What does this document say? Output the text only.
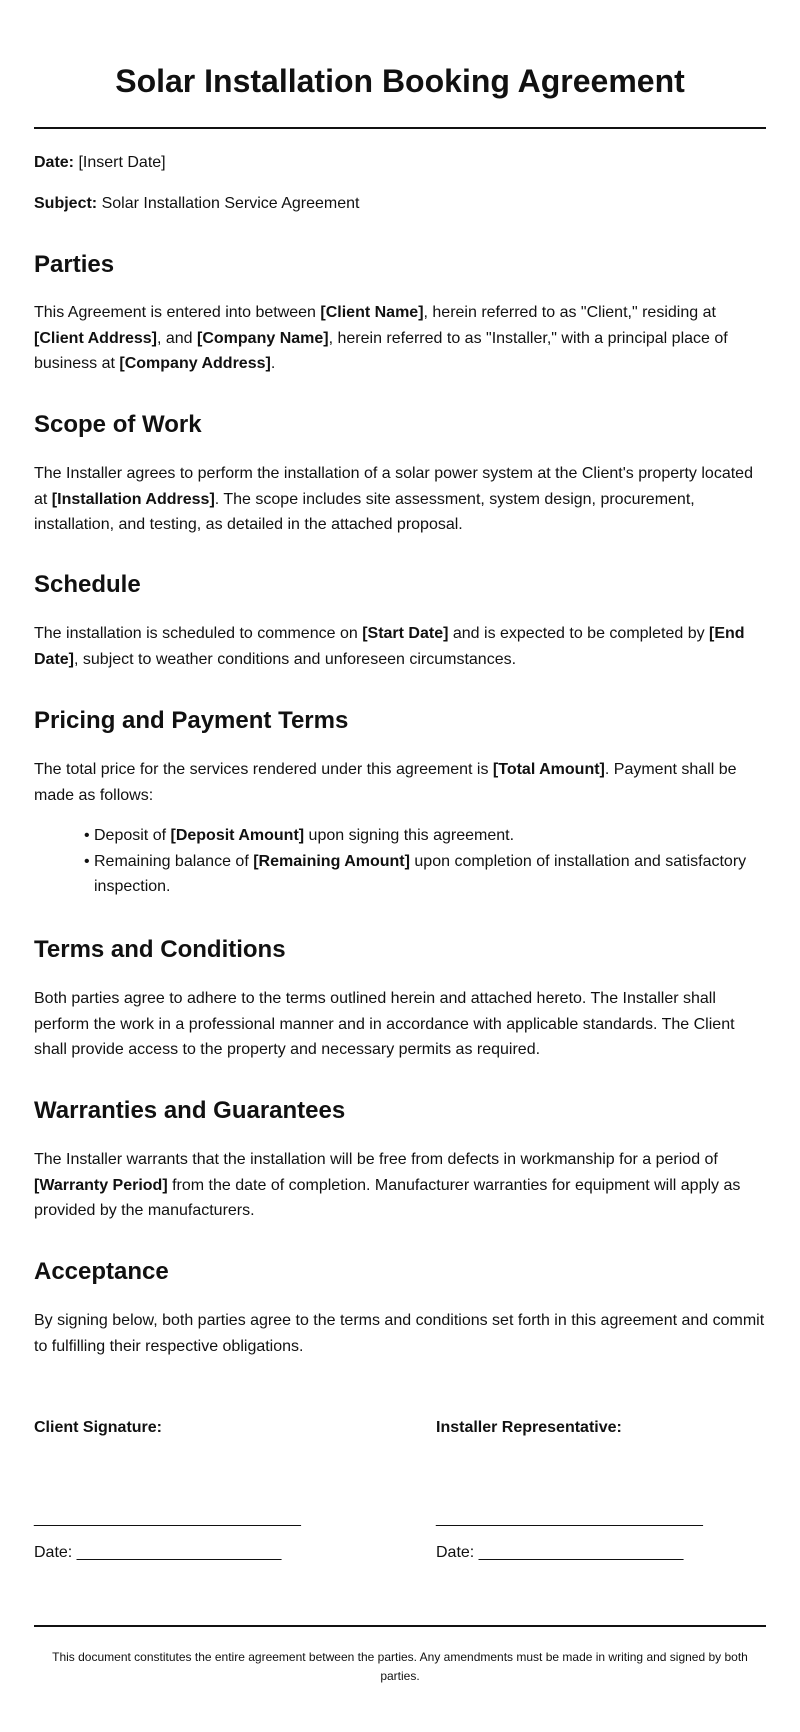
Solar Installation Booking Agreement
Date: [Insert Date]
Subject: Solar Installation Service Agreement
Parties

This Agreement is entered into between [Client Name], herein referred to as "Client," residing at [Client Address], and [Company Name], herein referred to as "Installer," with a principal place of business at [Company Address].

Scope of Work

The Installer agrees to perform the installation of a solar power system at the Client's property located at [Installation Address]. The scope includes site assessment, system design, procurement, installation, and testing, as detailed in the attached proposal.

Schedule

The installation is scheduled to commence on [Start Date] and is expected to be completed by [End Date], subject to weather conditions and unforeseen circumstances.

Pricing and Payment Terms

The total price for the services rendered under this agreement is [Total Amount]. Payment shall be made as follows:

• Deposit of [Deposit Amount] upon signing this agreement.
• Remaining balance of [Remaining Amount] upon completion of installation and satisfactory inspection.
Terms and Conditions

Both parties agree to adhere to the terms outlined herein and attached hereto. The Installer shall perform the work in a professional manner and in accordance with applicable standards. The Client shall provide access to the property and necessary permits as required.

Warranties and Guarantees

The Installer warrants that the installation will be free from defects in workmanship for a period of [Warranty Period] from the date of completion. Manufacturer warranties for equipment will apply as provided by the manufacturers.

Acceptance

By signing below, both parties agree to the terms and conditions set forth in this agreement and commit to fulfilling their respective obligations.

Client Signature:
______________________________
Date: _______________________
Installer Representative:
______________________________
Date: _______________________
This document constitutes the entire agreement between the parties. Any amendments must be made in writing and signed by both parties.
